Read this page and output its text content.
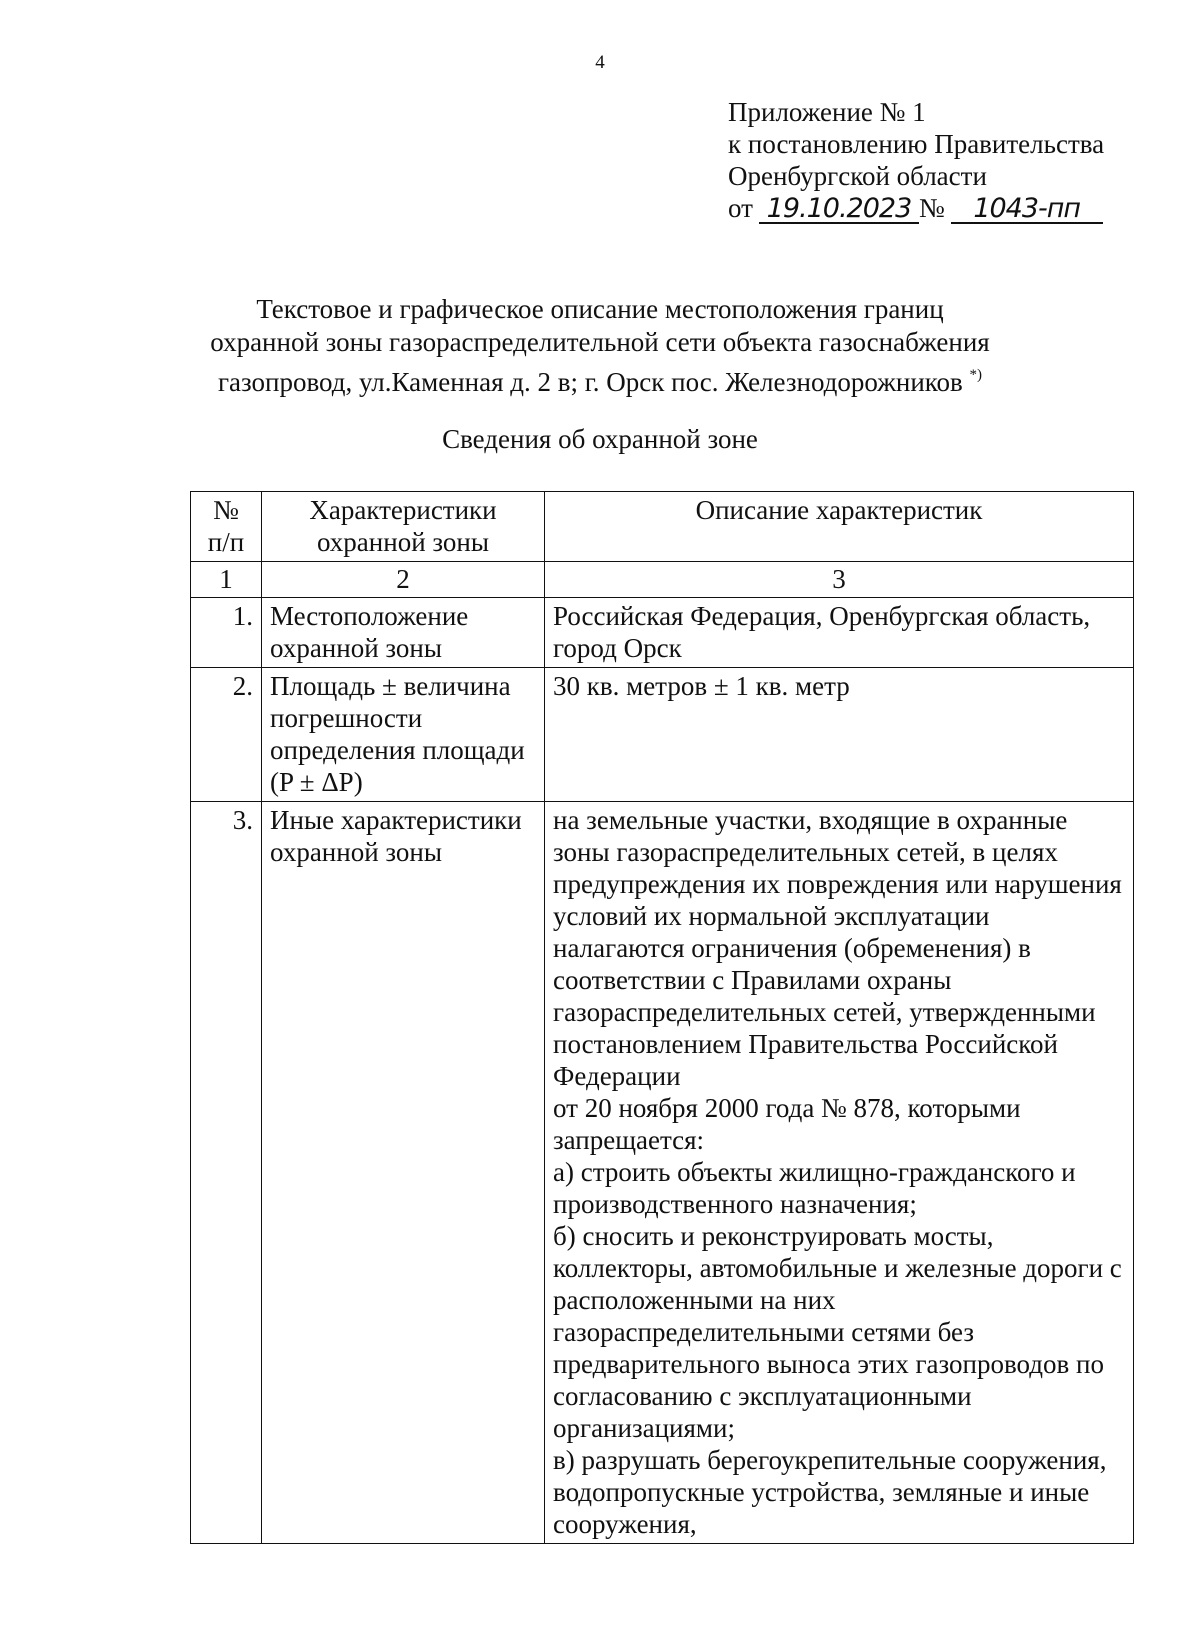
4
Приложение № 1
к постановлению Правительства
Оренбургской области
от 19.10.2023 № 1043-пп
Текстовое и графическое описание местоположения границ
охранной зоны газораспределительной сети объекта газоснабжения
газопровод, ул.Каменная д. 2 в; г. Орск пос. Железнодорожников *)
Сведения об охранной зоне
№ п/п	Характеристики охранной зоны	Описание характеристик
1	2	3
1.	Местоположение охранной зоны	Российская Федерация, Оренбургская область, город Орск

2.	Площадь ± величина погрешности определения площади (P ± ΔP)	30 кв. метров ± 1 кв. метр

3.	Иные характеристики охранной зоны	на земельные участки, входящие в охранные зоны газораспределительных сетей, в целях предупреждения их повреждения или нарушения условий их нормальной эксплуатации налагаются ограничения (обременения) в соответствии с Правилами охраны газораспределительных сетей, утвержденными постановлением Правительства Российской Федерации

от 20 ноября 2000 года № 878, которыми запрещается:

а) строить объекты жилищно-гражданского и производственного назначения;

б) сносить и реконструировать мосты, коллекторы, автомобильные и железные дороги с расположенными на них газораспределительными сетями без предварительного выноса этих газопроводов по согласованию с эксплуатационными организациями;

в) разрушать берегоукрепительные сооружения, водопропускные устройства, земляные и иные сооружения,
